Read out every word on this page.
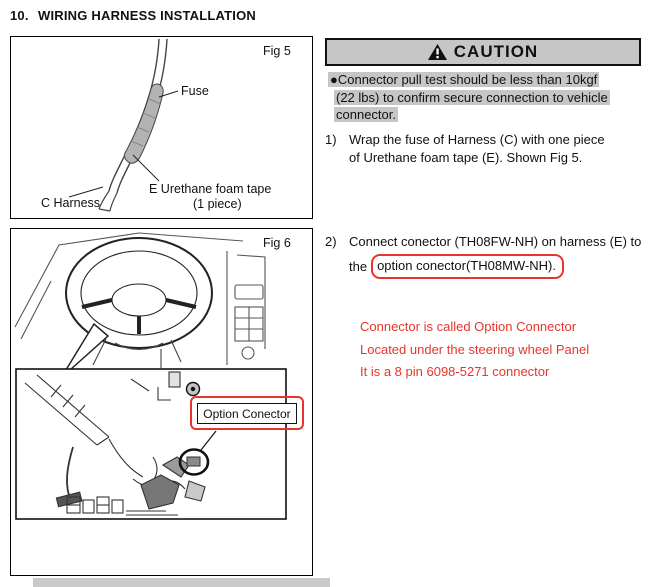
10. WIRING HARNESS INSTALLATION
Fig 5
Fuse
E Urethane foam tape
(1 piece)
C Harness
Fig 6
Option Conector
CAUTION
●Connector pull test should be less than 10kgf
(22 lbs) to confirm secure connection to vehicle
connector.
1) Wrap the fuse of Harness (C) with one piece
of Urethane foam tape (E). Shown Fig 5.
2) Connect conector (TH08FW-NH) on harness (E) to

the option conector(TH08MW-NH).
Connector is called Option Connector
Located under the steering wheel Panel
It is a 8 pin 6098-5271 connector
